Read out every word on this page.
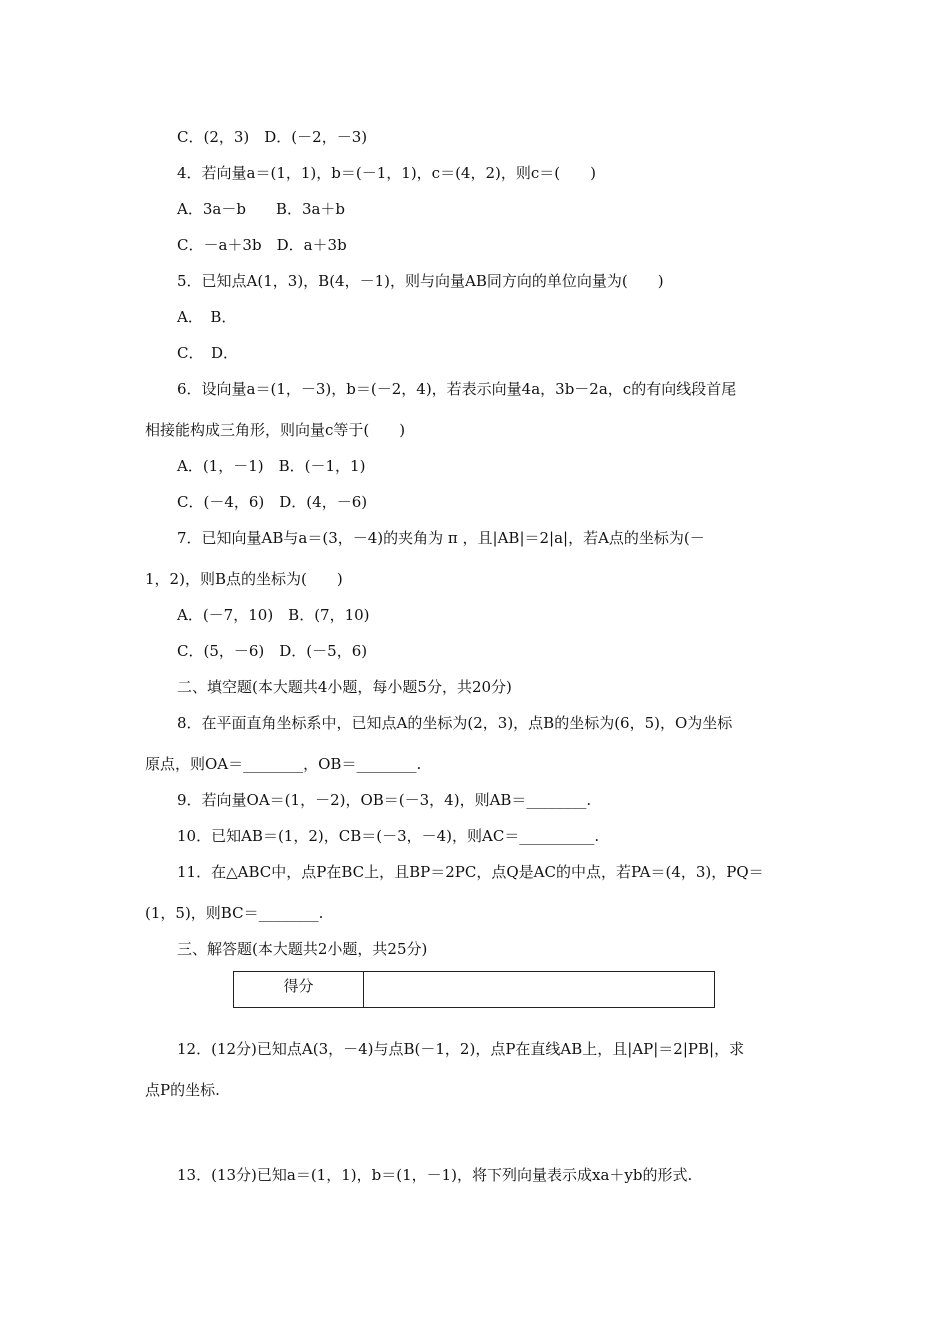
C．(2，3)　D．(－2，－3)
4．若向量a＝(1，1)，b＝(－1，1)，c＝(4，2)，则c＝(　　)
A．3a－b　　B．3a＋b
C．－a＋3b　D．a＋3b
5．已知点A(1，3)，B(4，－1)，则与向量AB同方向的单位向量为(　　)
A．　B．
C．　D．
6．设向量a＝(1，－3)，b＝(－2，4)，若表示向量4a，3b－2a，c的有向线段首尾
相接能构成三角形，则向量c等于(　　)
A．(1，－1)　B．(－1，1)
C．(－4，6)　D．(4，－6)
7．已知向量AB与a＝(3，－4)的夹角为 π ，且|AB|＝2|a|，若A点的坐标为(－
1，2)，则B点的坐标为(　　)
A．(－7，10)　B．(7，10)
C．(5，－6)　D．(－5，6)
二、填空题(本大题共4小题，每小题5分，共20分)
8．在平面直角坐标系中，已知点A的坐标为(2，3)，点B的坐标为(6，5)，O为坐标
原点，则OA＝________，OB＝________.
9．若向量OA＝(1，－2)，OB＝(－3，4)，则AB＝________.
10．已知AB＝(1，2)，CB＝(－3，－4)，则AC＝__________.
11．在△ABC中，点P在BC上，且BP＝2PC，点Q是AC的中点，若PA＝(4，3)，PQ＝
(1，5)，则BC＝________.
三、解答题(本大题共2小题，共25分)
得分
12．(12分)已知点A(3，－4)与点B(－1，2)，点P在直线AB上，且|AP|＝2|PB|，求
点P的坐标.
13．(13分)已知a＝(1，1)，b＝(1，－1)，将下列向量表示成xa＋yb的形式.
